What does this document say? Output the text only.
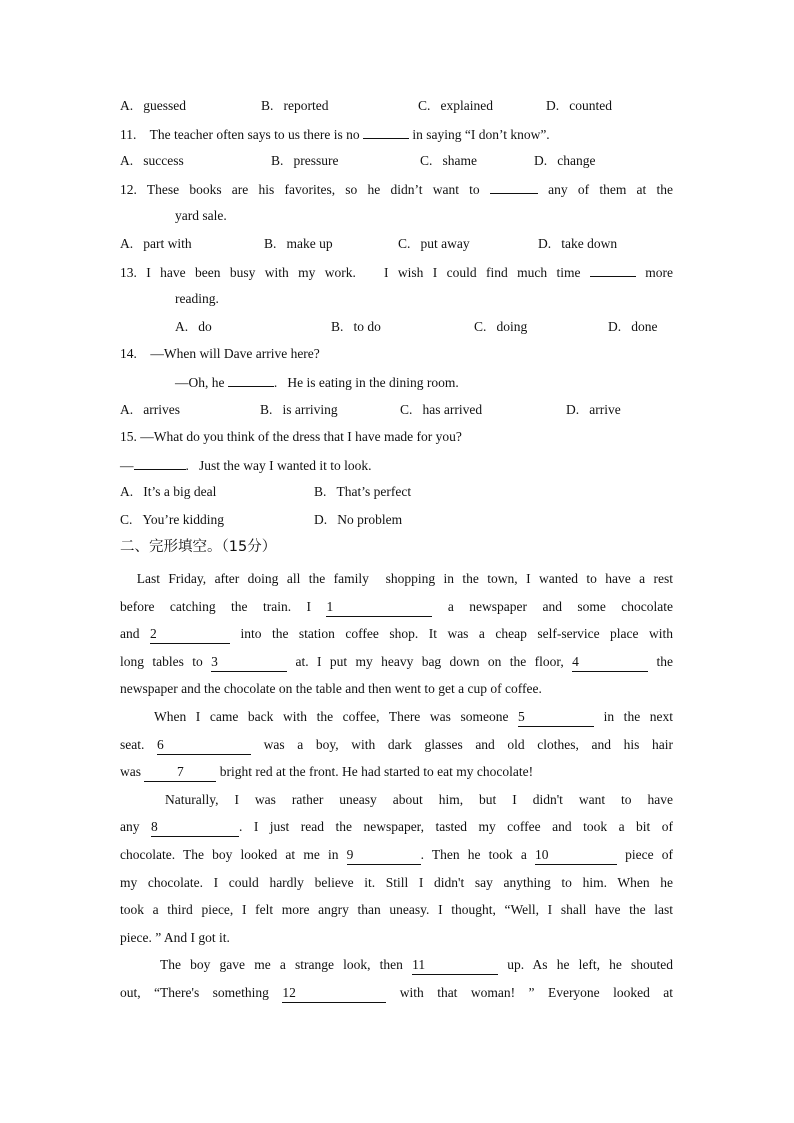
A.   guessed	B.   reported	C.   explained	D.   counted
11. The teacher often says to us there is no	in saying “I don’t know”.
A.   success	B.   pressure	C.   shame	D.   change
12. These books are his favorites, so he didn’t want to	any of them at the
yard sale.
A.   part with	B.   make up	C.   put away	D.   take down
13. I have been busy with my work.   I wish I could find much time	more
reading.
A.   do	B.   to do	C.   doing	D.   done
14. —When will Dave arrive here?
—Oh, he	.   He is eating in the dining room.
A.   arrives	B.   is arriving	C.   has arrived	D.   arrive
15. —What do you think of the dress that I have made for you?
—	.   Just the way I wanted it to look.
A.   It’s a big deal	B.   That’s perfect
C.   You’re kidding	D.   No problem
二、完形填空。（15分）
Last Friday, after doing all the family  shopping in the town, I wanted to have a rest
before catching the train. I 1	a newspaper and some chocolate
and 2	into the station coffee shop. It was a cheap self-service place with
long tables to 3	at. I put my heavy bag down on the floor, 4	the
newspaper and the chocolate on the table and then went to get a cup of coffee.
When I came back with the coffee, There was someone 5	in the next
seat. 6	was a boy, with dark glasses and old clothes, and his hair
was	7	bright red at the front. He had started to eat my chocolate!
Naturally, I was rather uneasy about him, but I didn't want to have
any 8	. I just read the newspaper, tasted my coffee and took a bit of
chocolate. The boy looked at me in 9	. Then he took a 10	piece of
my chocolate. I could hardly believe it. Still I didn't say anything to him. When he
took a third piece, I felt more angry than uneasy. I thought, “Well, I shall have the last
piece. ” And I got it.
The boy gave me a strange look, then 11	up. As he left, he shouted
out, “There's something 12	with that woman! ” Everyone looked at
